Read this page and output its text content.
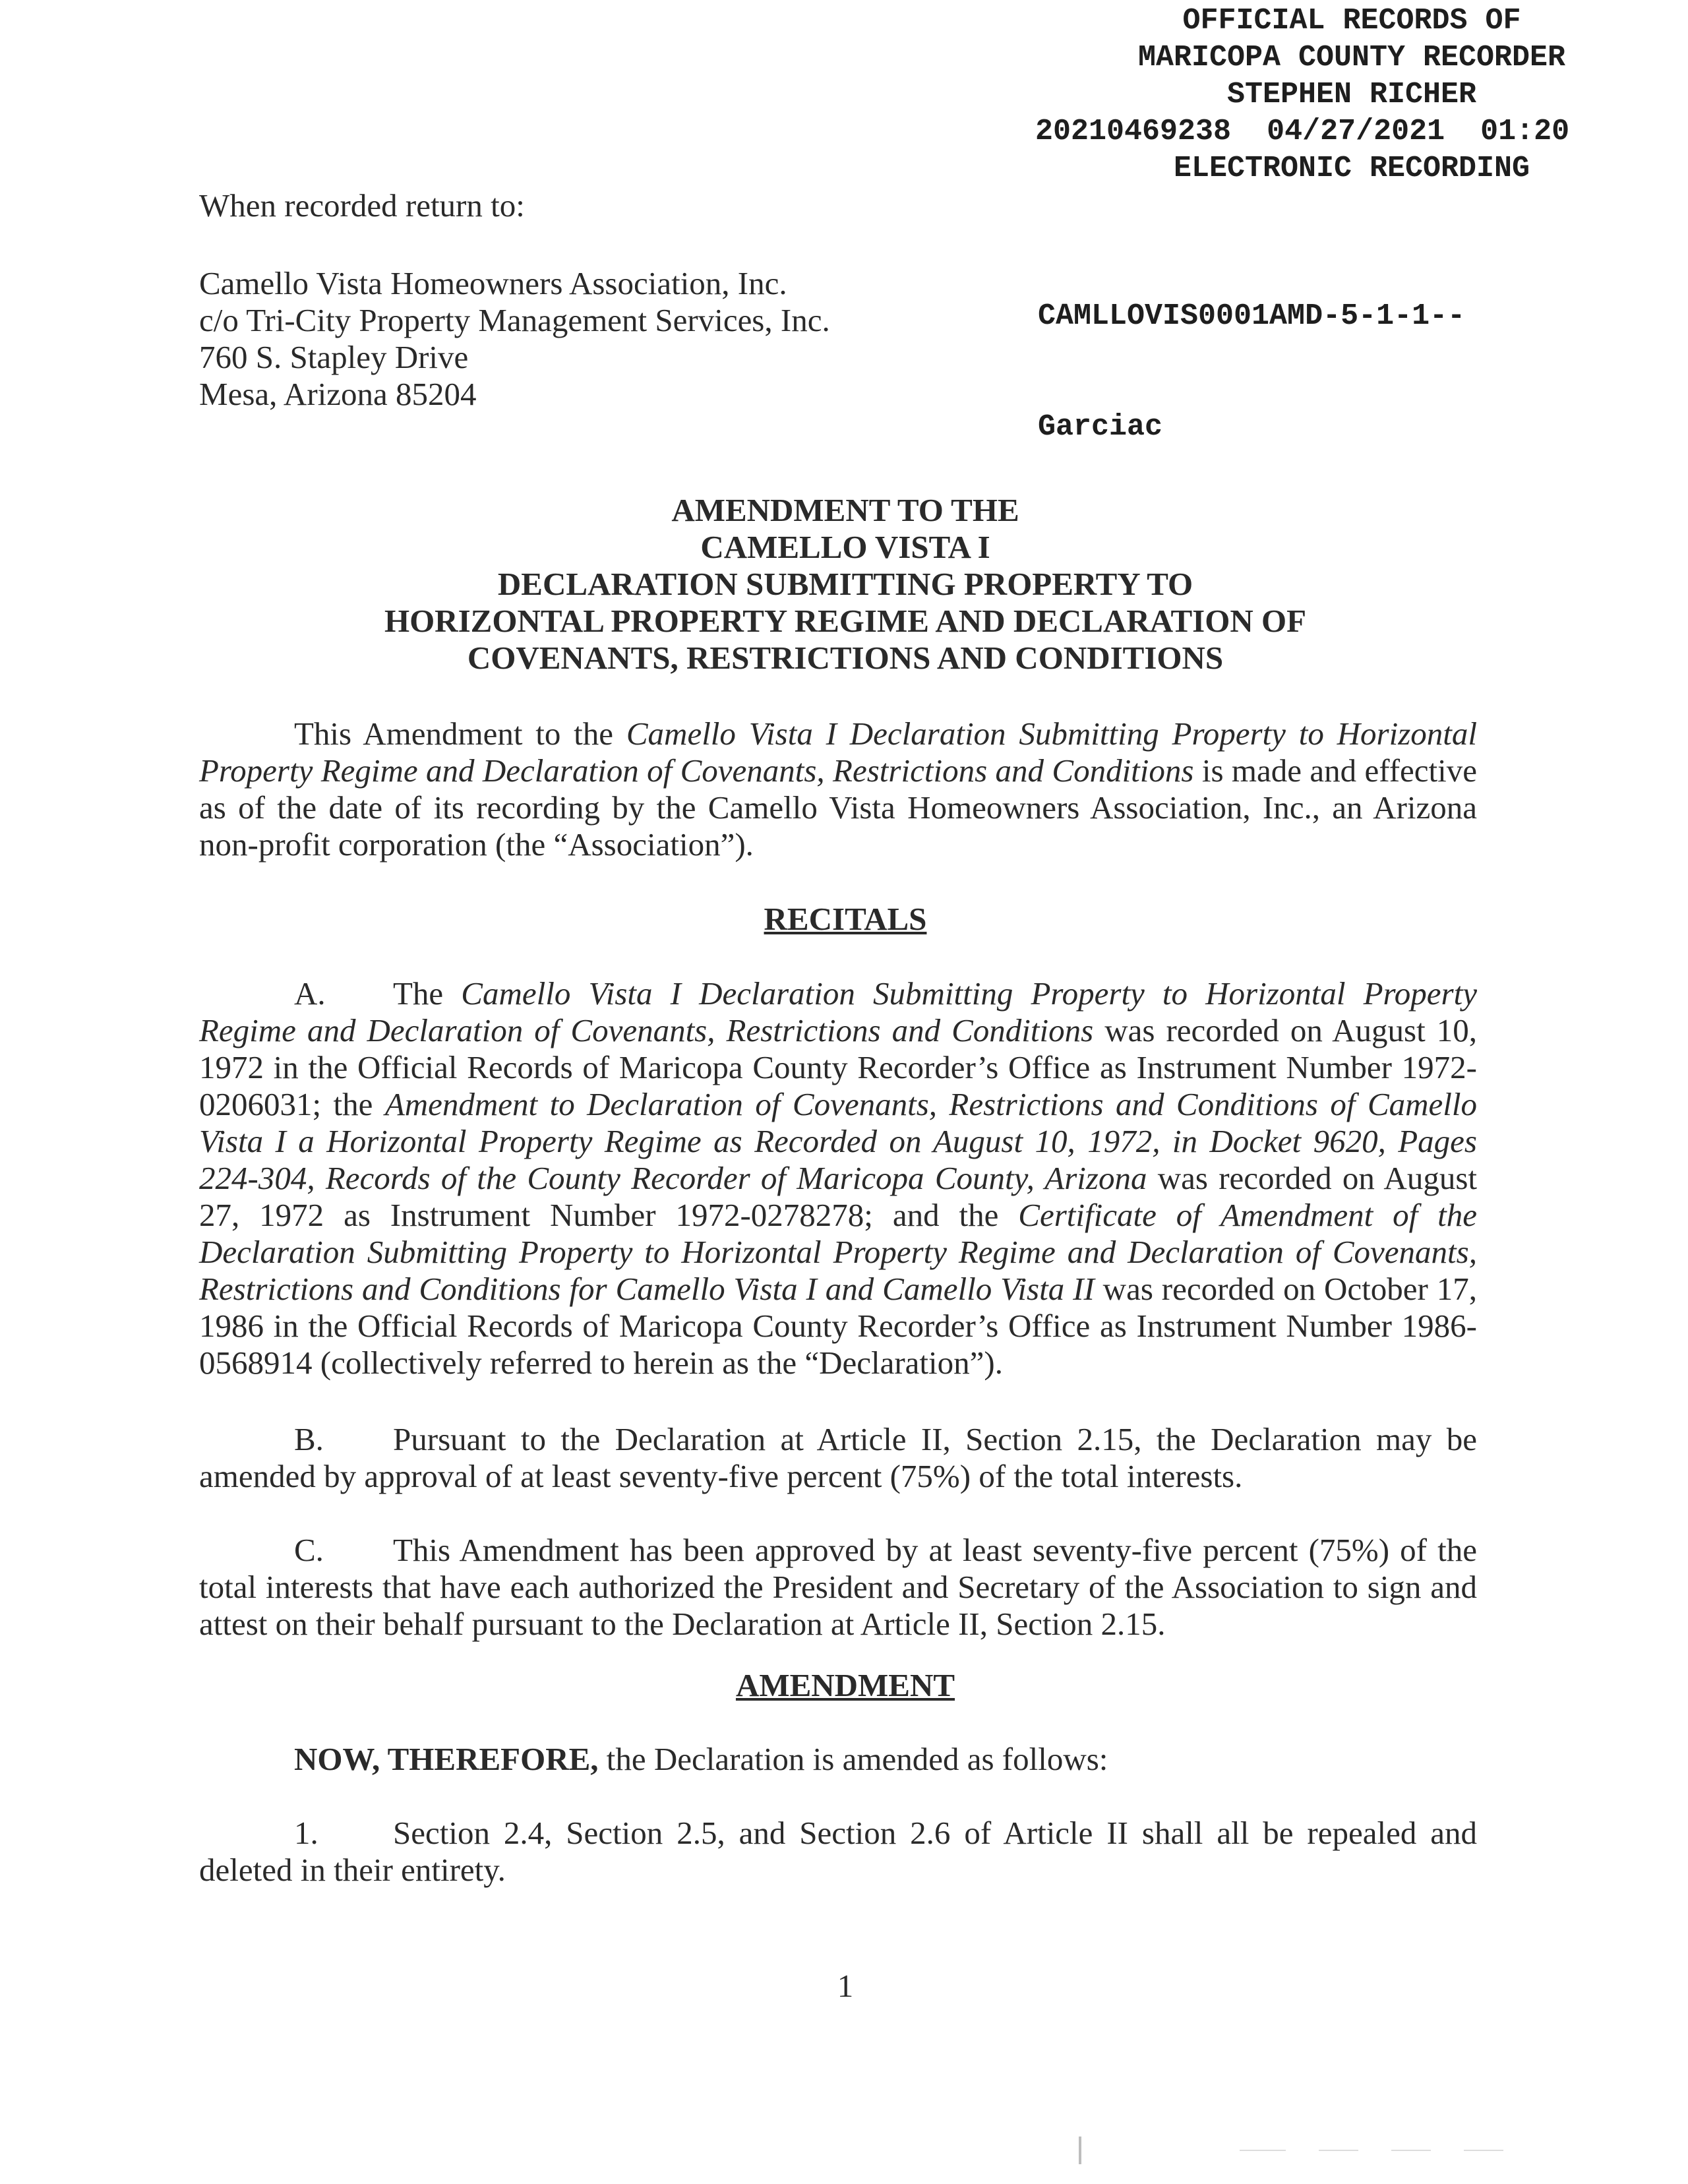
OFFICIAL RECORDS OF
MARICOPA COUNTY RECORDER
STEPHEN RICHER
20210469238 04/27/2021 01:20
ELECTRONIC RECORDING

CAMLLOVIS0001AMD-5-1-1--

Garciac

When recorded return to:
Camello Vista Homeowners Association, Inc.
c/o Tri-City Property Management Services, Inc.
760 S. Stapley Drive
Mesa, Arizona 85204
AMENDMENT TO THE
CAMELLO VISTA I
DECLARATION SUBMITTING PROPERTY TO
HORIZONTAL PROPERTY REGIME AND DECLARATION OF
COVENANTS, RESTRICTIONS AND CONDITIONS
This Amendment to the Camello Vista I Declaration Submitting Property to Horizontal Property Regime and Declaration of Covenants, Restrictions and Conditions is made and effective as of the date of its recording by the Camello Vista Homeowners Association, Inc., an Arizona non-profit corporation (the “Association”).
RECITALS
A. The Camello Vista I Declaration Submitting Property to Horizontal Property Regime and Declaration of Covenants, Restrictions and Conditions was recorded on August 10, 1972 in the Official Records of Maricopa County Recorder’s Office as Instrument Number 1972-0206031; the Amendment to Declaration of Covenants, Restrictions and Conditions of Camello Vista I a Horizontal Property Regime as Recorded on August 10, 1972, in Docket 9620, Pages 224-304, Records of the County Recorder of Maricopa County, Arizona was recorded on August 27, 1972 as Instrument Number 1972-0278278; and the Certificate of Amendment of the Declaration Submitting Property to Horizontal Property Regime and Declaration of Covenants, Restrictions and Conditions for Camello Vista I and Camello Vista II was recorded on October 17, 1986 in the Official Records of Maricopa County Recorder’s Office as Instrument Number 1986-0568914 (collectively referred to herein as the “Declaration”).
B. Pursuant to the Declaration at Article II, Section 2.15, the Declaration may be amended by approval of at least seventy-five percent (75%) of the total interests.
C. This Amendment has been approved by at least seventy-five percent (75%) of the total interests that have each authorized the President and Secretary of the Association to sign and attest on their behalf pursuant to the Declaration at Article II, Section 2.15.
AMENDMENT
NOW, THEREFORE, the Declaration is amended as follows:
1. Section 2.4, Section 2.5, and Section 2.6 of Article II shall all be repealed and deleted in their entirety.
1
